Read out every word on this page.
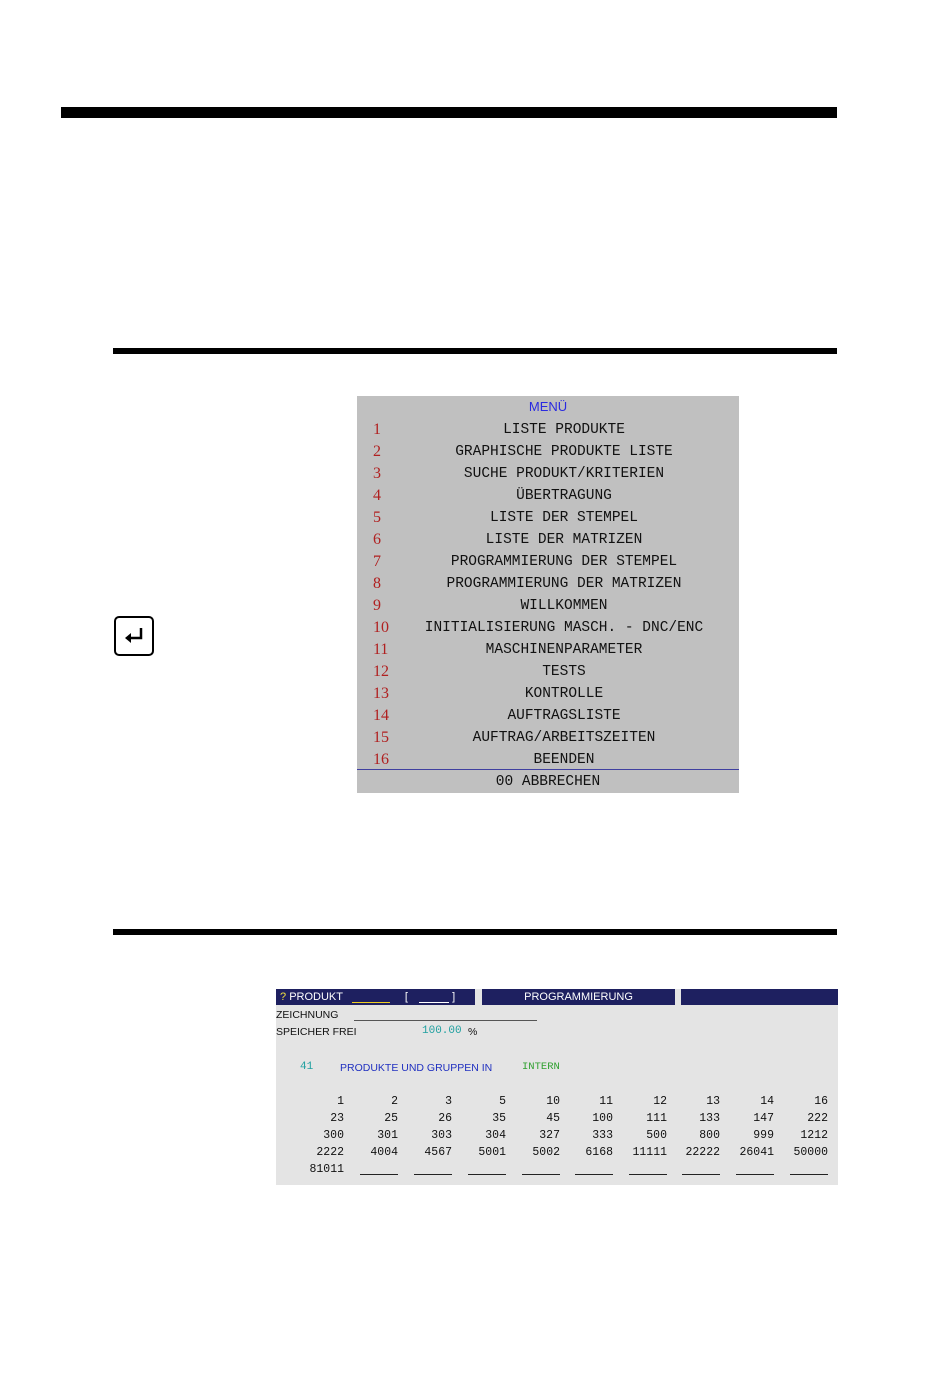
MENÜ
1	LISTE PRODUKTE
2	GRAPHISCHE PRODUKTE LISTE
3	SUCHE PRODUKT/KRITERIEN
4	ÜBERTRAGUNG
5	LISTE DER STEMPEL
6	LISTE DER MATRIZEN
7	PROGRAMMIERUNG DER STEMPEL
8	PROGRAMMIERUNG DER MATRIZEN
9	WILLKOMMEN
10	INITIALISIERUNG MASCH. - DNC/ENC
11	MASCHINENPARAMETER
12	TESTS
13	KONTROLLE
14	AUFTRAGSLISTE
15	AUFTRAG/ARBEITSZEITEN
16	BEENDEN
00 ABBRECHEN
? PRODUKT	[	]	PROGRAMMIERUNG
ZEICHNUNG
SPEICHER FREI	100.00 %
41	PRODUKTE UND GRUPPEN IN	INTERN
1	2	3	5	10	11	12	13	14	16
23	25	26	35	45	100	111	133	147	222
300	301	303	304	327	333	500	800	999	1212
2222	4004	4567	5001	5002	6168	11111	22222	26041	50000
81011
